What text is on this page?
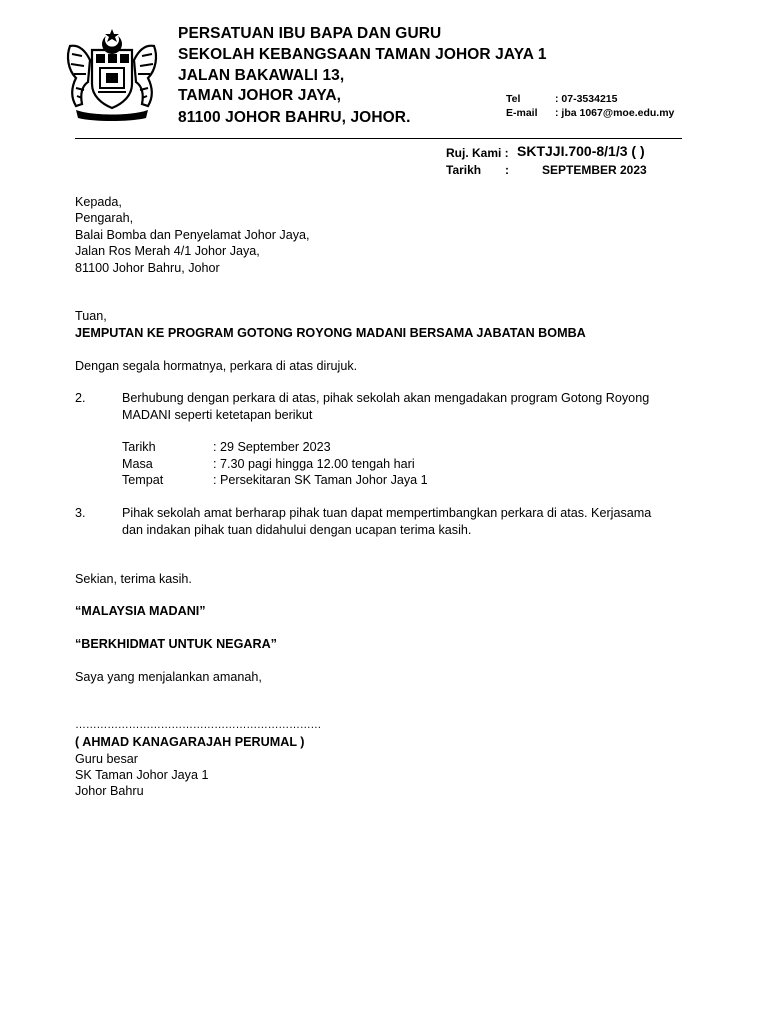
PERSATUAN IBU BAPA DAN GURU
SEKOLAH KEBANGSAAN TAMAN JOHOR JAYA 1
JALAN BAKAWALI 13,
TAMAN JOHOR JAYA,
81100 JOHOR BAHRU, JOHOR.
Tel	: 07-3534215
E-mail : jba 1067@moe.edu.my
Ruj. Kami : SKTJJI.700-8/1/3 ( )
Tarikh :	SEPTEMBER 2023
Kepada,
Pengarah,
Balai Bomba dan Penyelamat Johor Jaya,
Jalan Ros Merah 4/1 Johor Jaya,
81100 Johor Bahru, Johor
Tuan,
JEMPUTAN KE PROGRAM GOTONG ROYONG MADANI BERSAMA JABATAN BOMBA
Dengan segala hormatnya, perkara di atas dirujuk.
2.	Berhubung dengan perkara di atas, pihak sekolah akan mengadakan program Gotong Royong
MADANI seperti ketetapan berikut
Tarikh	: 29 September 2023
Masa	: 7.30 pagi hingga 12.00 tengah hari
Tempat	: Persekitaran SK Taman Johor Jaya 1
3.	Pihak sekolah amat berharap pihak tuan dapat mempertimbangkan perkara di atas. Kerjasama
dan indakan pihak tuan didahului dengan ucapan terima kasih.
Sekian, terima kasih.
“MALAYSIA MADANI”
“BERKHIDMAT UNTUK NEGARA”
Saya yang menjalankan amanah,
……………………………………………………………
( AHMAD KANAGARAJAH PERUMAL )
Guru besar
SK Taman Johor Jaya 1
Johor Bahru
